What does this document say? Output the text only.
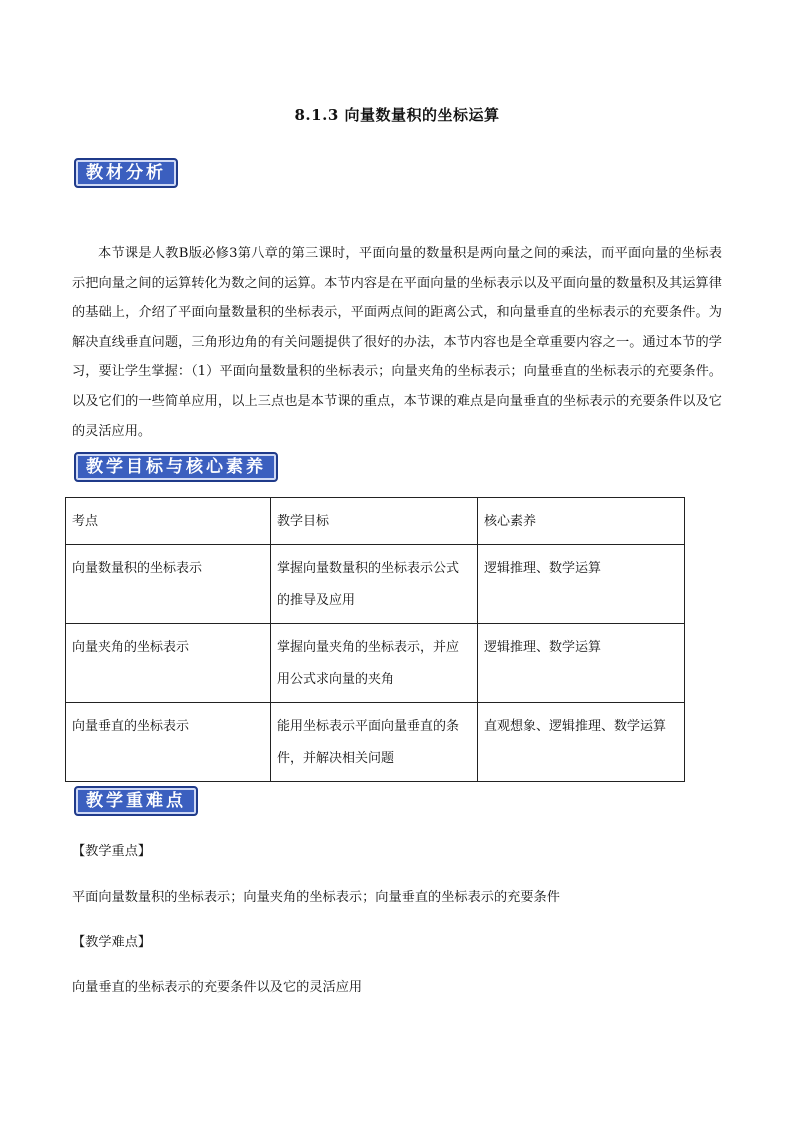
8.1.3 向量数量积的坐标运算
教材分析

本节课是人教B版必修3第八章的第三课时，平面向量的数量积是两向量之间的乘法，而平面向量的坐标表示把向量之间的运算转化为数之间的运算。本节内容是在平面向量的坐标表示以及平面向量的数量积及其运算律的基础上，介绍了平面向量数量积的坐标表示，平面两点间的距离公式，和向量垂直的坐标表示的充要条件。为解决直线垂直问题，三角形边角的有关问题提供了很好的办法，本节内容也是全章重要内容之一。通过本节的学习，要让学生掌握：（1）平面向量数量积的坐标表示；向量夹角的坐标表示；向量垂直的坐标表示的充要条件。以及它们的一些简单应用，以上三点也是本节课的重点，本节课的难点是向量垂直的坐标表示的充要条件以及它的灵活应用。

教学目标与核心素养
考点	教学目标	核心素养
向量数量积的坐标表示	掌握向量数量积的坐标表示公式的推导及应用	逻辑推理、数学运算
向量夹角的坐标表示	掌握向量夹角的坐标表示，并应用公式求向量的夹角	逻辑推理、数学运算
向量垂直的坐标表示	能用坐标表示平面向量垂直的条件，并解决相关问题	直观想象、逻辑推理、数学运算
教学重难点
【教学重点】
平面向量数量积的坐标表示；向量夹角的坐标表示；向量垂直的坐标表示的充要条件
【教学难点】
向量垂直的坐标表示的充要条件以及它的灵活应用
